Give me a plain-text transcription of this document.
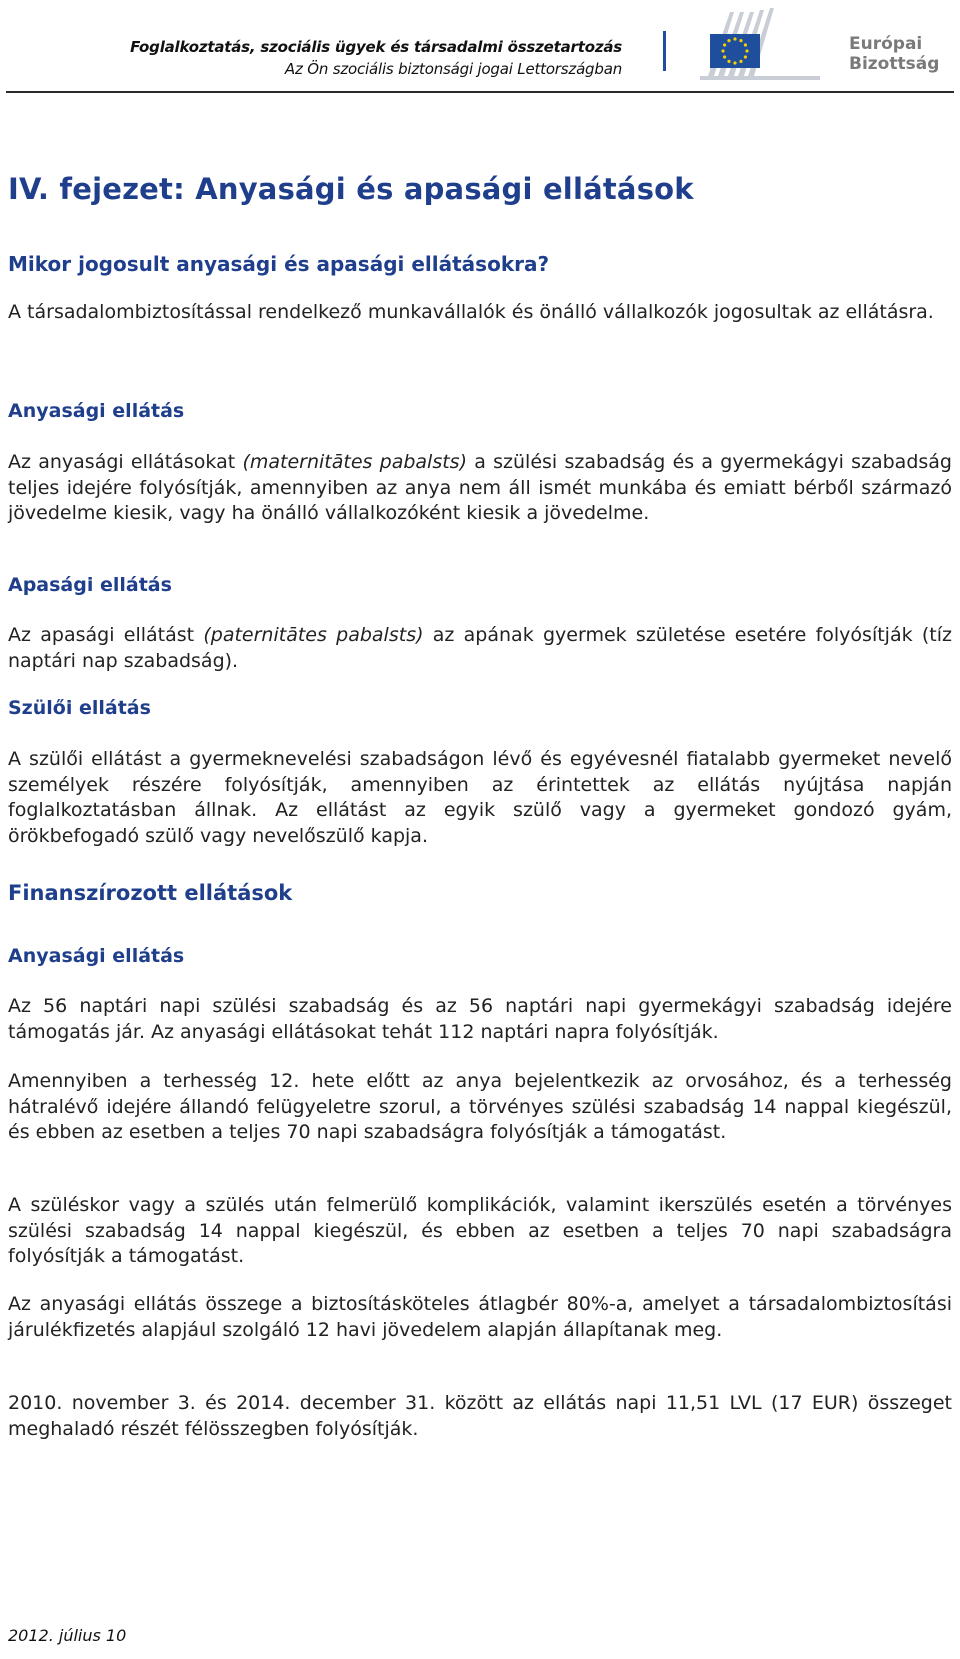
Foglalkoztatás, szociális ügyek és társadalmi összetartozás
Az Ön szociális biztonsági jogai Lettországban
Európai
Bizottság
IV. fejezet: Anyasági és apasági ellátások
Mikor jogosult anyasági és apasági ellátásokra?

A társadalombiztosítással rendelkező munkavállalók és önálló vállalkozók jogosultak az ellátásra.

Anyasági ellátás

Az anyasági ellátásokat (maternitātes pabalsts) a szülési szabadság és a gyermekágyi szabadság teljes idejére folyósítják, amennyiben az anya nem áll ismét munkába és emiatt bérből származó jövedelme kiesik, vagy ha önálló vállalkozóként kiesik a jövedelme.

Apasági ellátás

Az apasági ellátást (paternitātes pabalsts) az apának gyermek születése esetére folyósítják (tíz naptári nap szabadság).

Szülői ellátás

A szülői ellátást a gyermeknevelési szabadságon lévő és egyévesnél fiatalabb gyermeket nevelő személyek részére folyósítják, amennyiben az érintettek az ellátás nyújtása napján foglalkoztatásban állnak. Az ellátást az egyik szülő vagy a gyermeket gondozó gyám, örökbefogadó szülő vagy nevelőszülő kapja.

Finanszírozott ellátások
Anyasági ellátás

Az 56 naptári napi szülési szabadság és az 56 naptári napi gyermekágyi szabadság idejére támogatás jár. Az anyasági ellátásokat tehát 112 naptári napra folyósítják.

Amennyiben a terhesség 12. hete előtt az anya bejelentkezik az orvosához, és a terhesség hátralévő idejére állandó felügyeletre szorul, a törvényes szülési szabadság 14 nappal kiegészül, és ebben az esetben a teljes 70 napi szabadságra folyósítják a támogatást.

A szüléskor vagy a szülés után felmerülő komplikációk, valamint ikerszülés esetén a törvényes szülési szabadság 14 nappal kiegészül, és ebben az esetben a teljes 70 napi szabadságra folyósítják a támogatást.

Az anyasági ellátás összege a biztosításköteles átlagbér 80%-a, amelyet a társadalombiztosítási járulékfizetés alapjául szolgáló 12 havi jövedelem alapján állapítanak meg.

2010. november 3. és 2014. december 31. között az ellátás napi 11,51 LVL (17 EUR) összeget meghaladó részét félösszegben folyósítják.

2012. július 10
